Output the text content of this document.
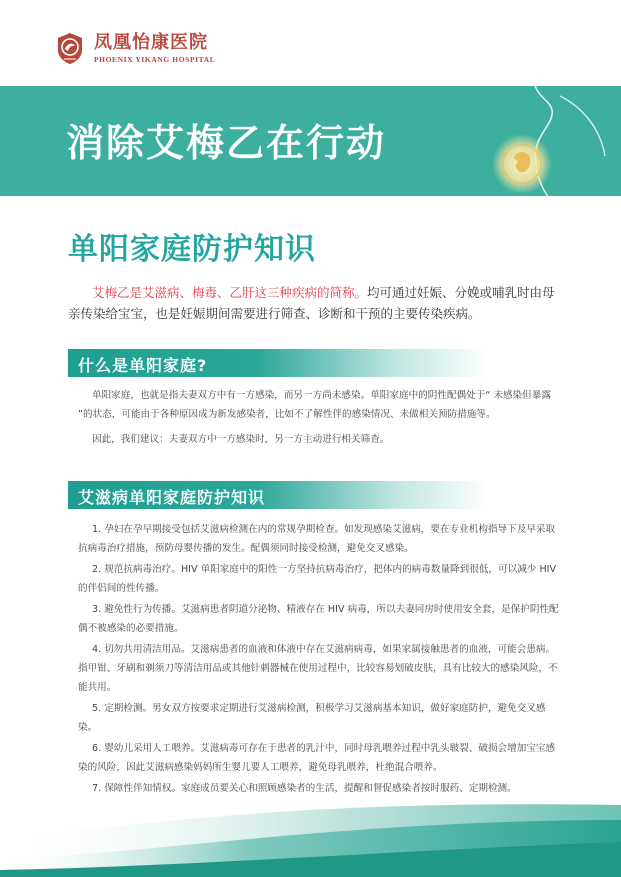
凤凰怡康医院
PHOENIX YIKANG HOSPITAL
消除艾梅乙在行动
单阳家庭防护知识
艾梅乙是艾滋病、梅毒、乙肝这三种疾病的简称。均可通过妊娠、分娩或哺乳时由母亲传染给宝宝，也是妊娠期间需要进行筛查、诊断和干预的主要传染疾病。
什么是单阳家庭?
单阳家庭，也就是指夫妻双方中有一方感染，而另一方尚未感染。单阳家庭中的阴性配偶处于“ 未感染但暴露 ”的状态，可能由于各种原因成为新发感染者，比如不了解性伴的感染情况、未做相关预防措施等。
因此，我们建议：夫妻双方中一方感染时，另一方主动进行相关筛查。
艾滋病单阳家庭防护知识
1. 孕妇在孕早期接受包括艾滋病检测在内的常规孕期检查。如发现感染艾滋病，要在专业机构指导下及早采取抗病毒治疗措施，预防母婴传播的发生。配偶须同时接受检测，避免交叉感染。
2. 规范抗病毒治疗。HIV 单阳家庭中的阳性一方坚持抗病毒治疗，把体内的病毒数量降到很低，可以减少 HIV 的伴侣间的性传播。
3. 避免性行为传播。艾滋病患者阴道分泌物、精液存在 HIV 病毒，所以夫妻同房时使用安全套，是保护阴性配偶不被感染的必要措施。
4. 切勿共用清洁用品。艾滋病患者的血液和体液中存在艾滋病病毒，如果家属接触患者的血液，可能会患病。指甲钳、牙刷和剃须刀等清洁用品或其他针刺器械在使用过程中，比较容易划破皮肤，具有比较大的感染风险，不能共用。
5. 定期检测。男女双方按要求定期进行艾滋病检测，积极学习艾滋病基本知识，做好家庭防护，避免交叉感染。
6. 婴幼儿采用人工喂养。艾滋病毒可存在于患者的乳汁中，同时母乳喂养过程中乳头皲裂、破损会增加宝宝感染的风险，因此艾滋病感染妈妈所生婴儿要人工喂养，避免母乳喂养，杜绝混合喂养。
7. 保障性伴知情权。家庭成员要关心和照顾感染者的生活，提醒和督促感染者按时服药、定期检测。
